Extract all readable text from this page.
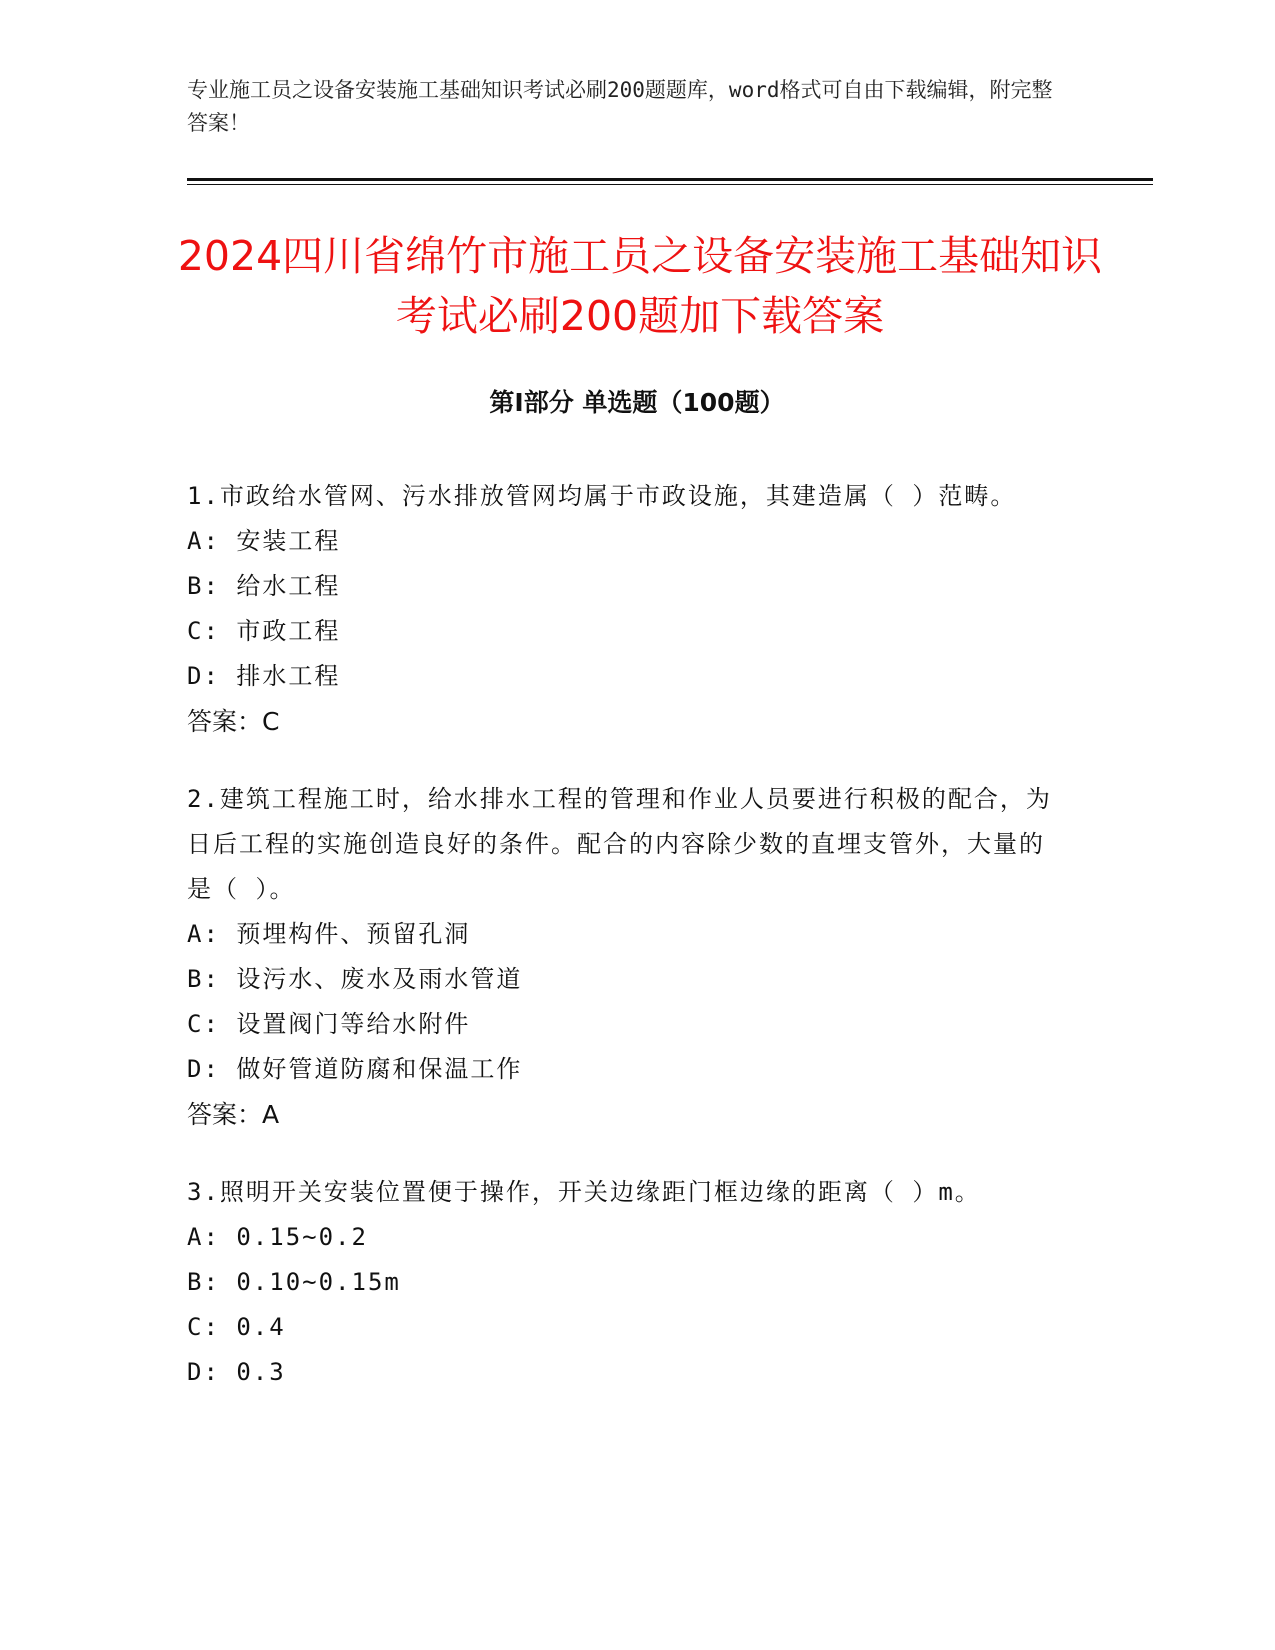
专业施工员之设备安装施工基础知识考试必刷200题题库，word格式可自由下载编辑，附完整答案！
2024四川省绵竹市施工员之设备安装施工基础知识考试必刷200题加下载答案
第Ⅰ部分 单选题（100题）

1.市政给水管网、污水排放管网均属于市政设施，其建造属（ ）范畴。

A: 安装工程

B: 给水工程

C: 市政工程

D: 排水工程

答案：C

2.建筑工程施工时，给水排水工程的管理和作业人员要进行积极的配合，为日后工程的实施创造良好的条件。配合的内容除少数的直埋支管外，大量的是（ ）。

A: 预埋构件、预留孔洞

B: 设污水、废水及雨水管道

C: 设置阀门等给水附件

D: 做好管道防腐和保温工作

答案：A

3.照明开关安装位置便于操作，开关边缘距门框边缘的距离（ ）m。

A: 0.15~0.2

B: 0.10~0.15m

C: 0.4

D: 0.3
